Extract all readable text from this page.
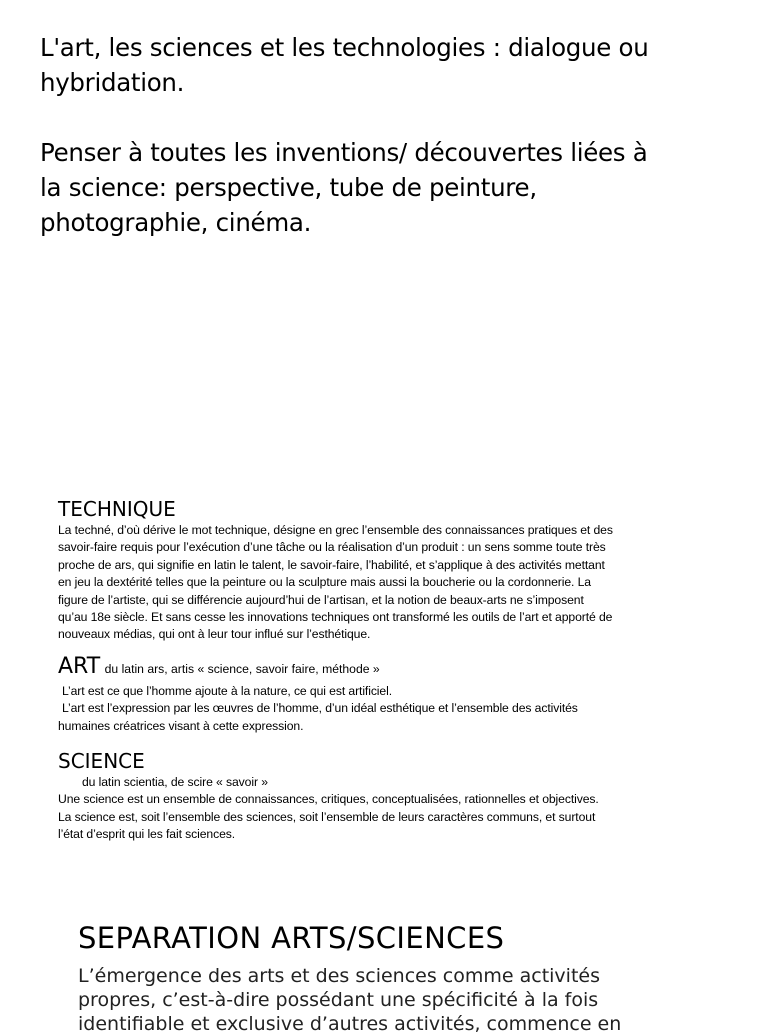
L'art, les sciences et les technologies : dialogue ou
hybridation.

Penser à toutes les inventions/ découvertes liées à
la science: perspective, tube de peinture,
photographie, cinéma.

TECHNIQUE

La techné, d’où dérive le mot technique, désigne en grec l’ensemble des connaissances pratiques et des
savoir-faire requis pour l’exécution d’une tâche ou la réalisation d’un produit : un sens somme toute très
proche de ars, qui signifie en latin le talent, le savoir-faire, l’habilité, et s’applique à des activités mettant
en jeu la dextérité telles que la peinture ou la sculpture mais aussi la boucherie ou la cordonnerie. La
figure de l’artiste, qui se différencie aujourd’hui de l’artisan, et la notion de beaux-arts ne s’imposent
qu’au 18e siècle. Et sans cesse les innovations techniques ont transformé les outils de l’art et apporté de
nouveaux médias, qui ont à leur tour influé sur l’esthétique.

ART du latin ars, artis « science, savoir faire, méthode »

L’art est ce que l’homme ajoute à la nature, ce qui est artificiel.
L’art est l’expression par les œuvres de l’homme, d’un idéal esthétique et l’ensemble des activités
humaines créatrices visant à cette expression.

SCIENCE

du latin scientia, de scire « savoir »
Une science est un ensemble de connaissances, critiques, conceptualisées, rationnelles et objectives.
La science est, soit l’ensemble des sciences, soit l’ensemble de leurs caractères communs, et surtout
l’état d’esprit qui les fait sciences.

SEPARATION ARTS/SCIENCES

L’émergence des arts et des sciences comme activités
propres, c’est-à-dire possédant une spécificité à la fois
identifiable et exclusive d’autres activités, commence en
